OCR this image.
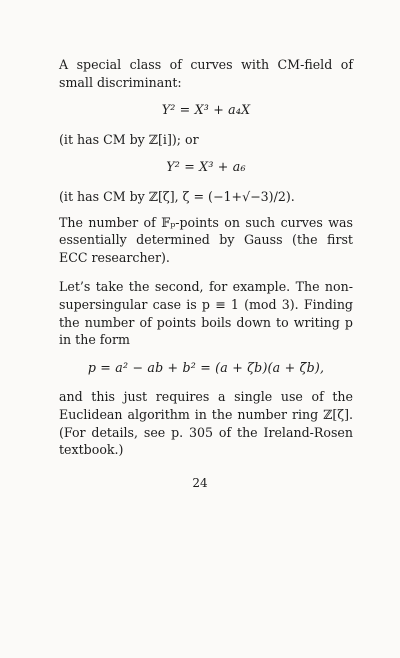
A special class of curves with CM-field of small discriminant:

Y² = X³ + a₄X

(it has CM by ℤ[i]); or

Y² = X³ + a₆

(it has CM by ℤ[ζ], ζ = (−1+√−3)/2).

The number of 𝔽ₚ-points on such curves was essentially determined by Gauss (the first ECC researcher).

Let’s take the second, for example. The non-supersingular case is p ≡ 1 (mod 3). Finding the number of points boils down to writing p in the form

p = a² − ab + b² = (a + ζb)(a + ζ̄b),

and this just requires a single use of the Euclidean algorithm in the number ring ℤ[ζ]. (For details, see p. 305 of the Ireland-Rosen textbook.)

24
